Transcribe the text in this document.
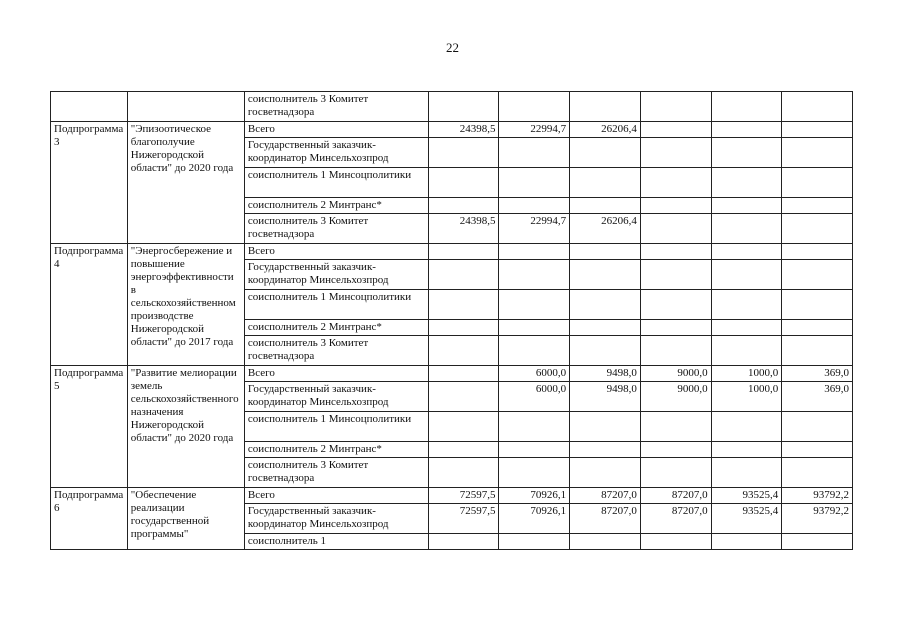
22
		соисполнитель 3 Комитет госветнадзора						
Подпрограмма 3	"Эпизоотическое благополучие Нижегородской области" до 2020 года	Всего	24398,5	22994,7	26206,4			
		Государственный заказчик-координатор Минсельхозпрод						
		соисполнитель 1 Минсоцполитики						
		соисполнитель 2 Минтранс*						
		соисполнитель 3 Комитет госветнадзора	24398,5	22994,7	26206,4			
Подпрограмма 4	"Энергосбережение и повышение энергоэффективности в сельскохозяйственном производстве Нижегородской области" до 2017 года	Всего						
		Государственный заказчик-координатор Минсельхозпрод						
		соисполнитель 1 Минсоцполитики						
		соисполнитель 2 Минтранс*						
		соисполнитель 3 Комитет госветнадзора						
Подпрограмма 5	"Развитие мелиорации земель сельскохозяйственного назначения Нижегородской области" до 2020 года	Всего		6000,0	9498,0	9000,0	1000,0	369,0
		Государственный заказчик-координатор Минсельхозпрод		6000,0	9498,0	9000,0	1000,0	369,0
		соисполнитель 1 Минсоцполитики						
		соисполнитель 2 Минтранс*						
		соисполнитель 3 Комитет госветнадзора						
Подпрограмма 6	"Обеспечение реализации государственной программы"	Всего	72597,5	70926,1	87207,0	87207,0	93525,4	93792,2
		Государственный заказчик-координатор Минсельхозпрод	72597,5	70926,1	87207,0	87207,0	93525,4	93792,2
		соисполнитель 1						
